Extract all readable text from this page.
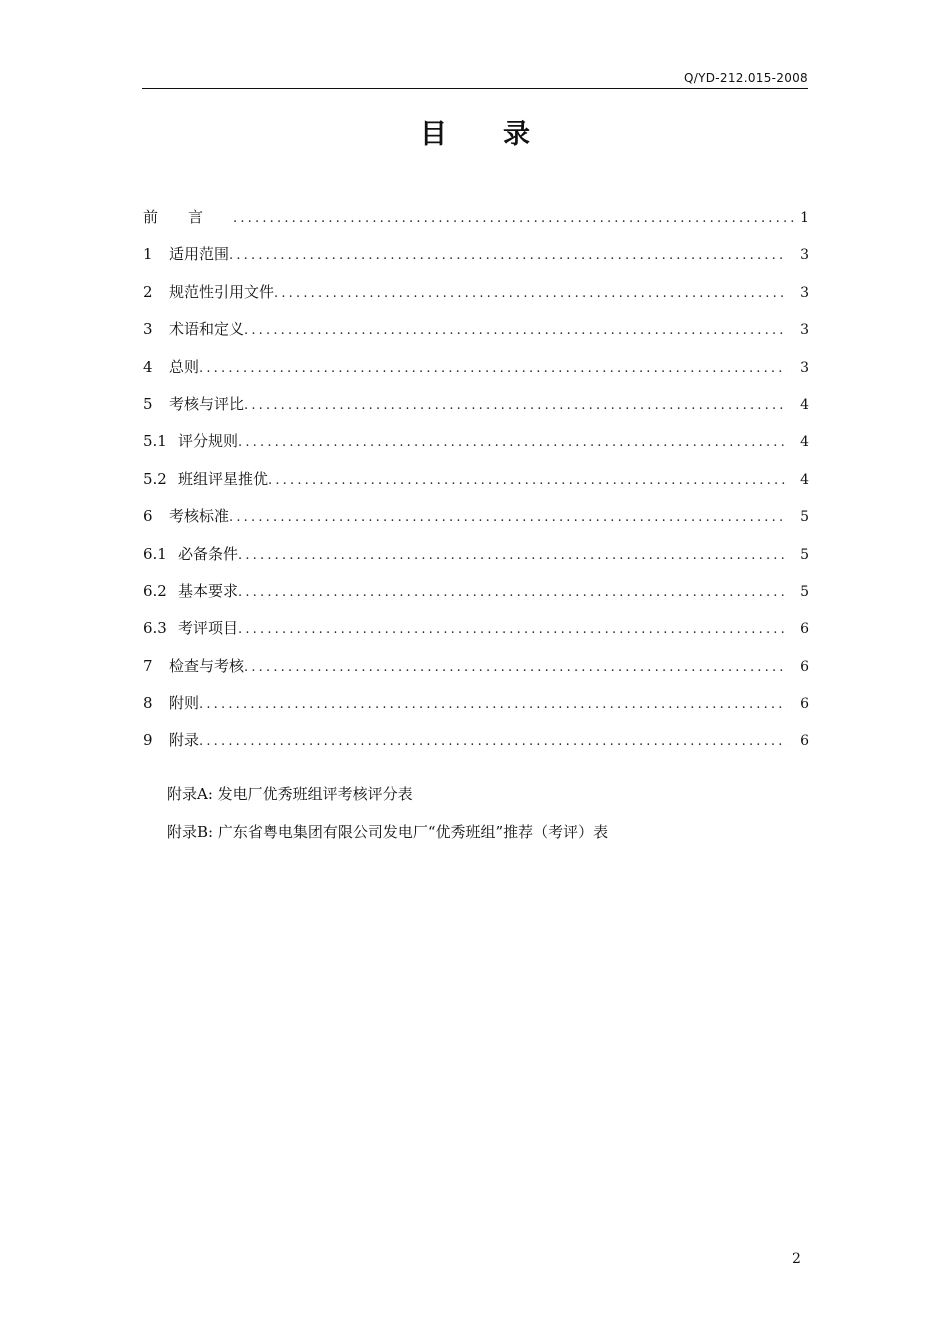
Q/YD-212.015-2008
目录
前言 .....	1
1	适用范围 .....	3
2	规范性引用文件 .....	3
3	术语和定义 .....	3
4	总则 .....	3
5	考核与评比 .....	4
5.1 评分规则 .....	4
5.2 班组评星推优 .....	4
6	考核标准 .....	5
6.1 必备条件 .....	5
6.2 基本要求 .....	5
6.3 考评项目 .....	6
7	检查与考核 .....	6
8	附则 .....	6
9	附录 .....	6
附录A: 发电厂优秀班组评考核评分表
附录B: 广东省粤电集团有限公司发电厂“优秀班组”推荐（考评）表
2
